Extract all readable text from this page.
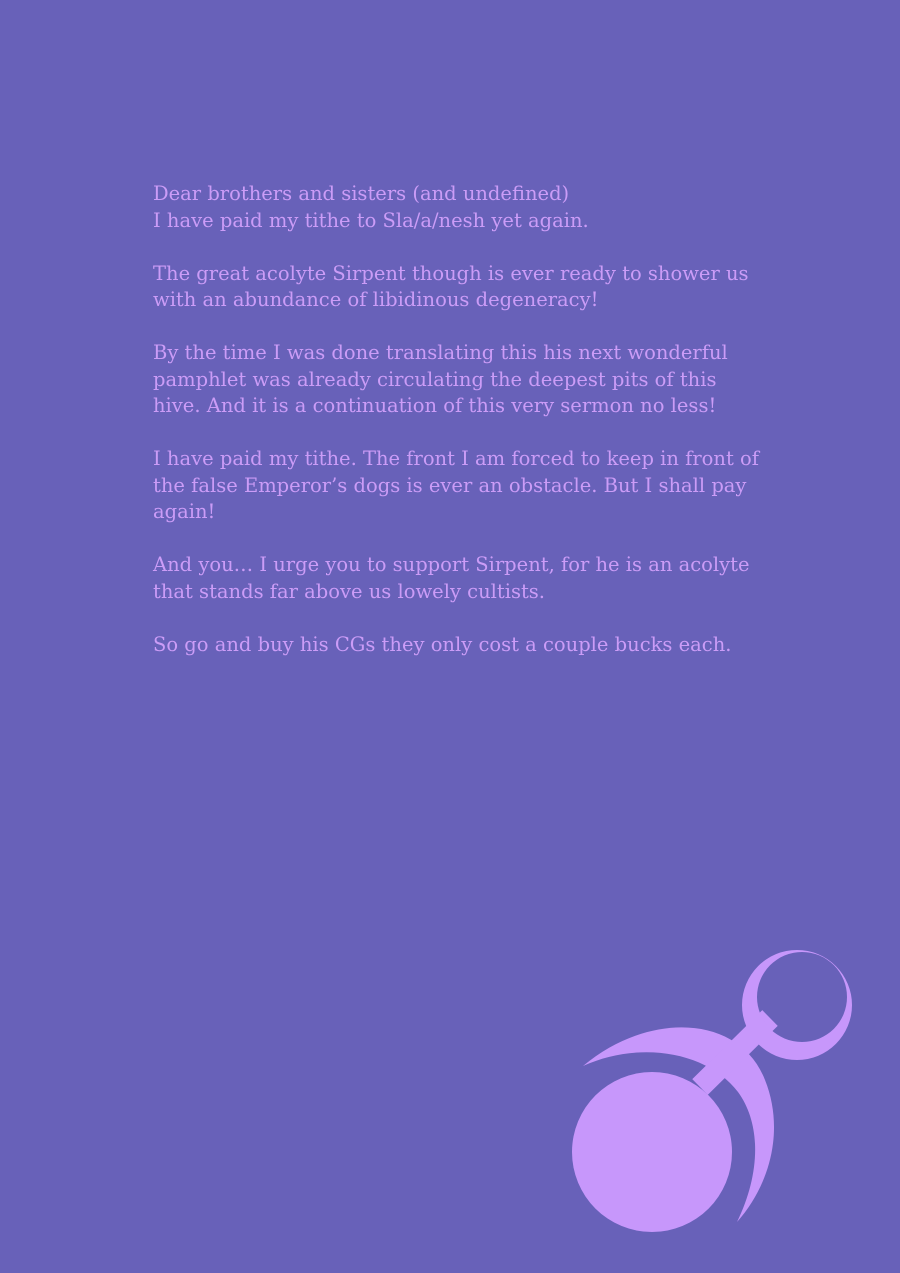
Dear brothers and sisters (and undefined)
I have paid my tithe to Sla/a/nesh yet again.

The great acolyte Sirpent though is ever ready to shower us
with an abundance of libidinous degeneracy!

By the time I was done translating this his next wonderful
pamphlet was already circulating the deepest pits of this
hive. And it is a continuation of this very sermon no less!

I have paid my tithe. The front I am forced to keep in front of
the false Emperor’s dogs is ever an obstacle. But I shall pay
again!

And you… I urge you to support Sirpent, for he is an acolyte
that stands far above us lowely cultists.

So go and buy his CGs they only cost a couple bucks each.
